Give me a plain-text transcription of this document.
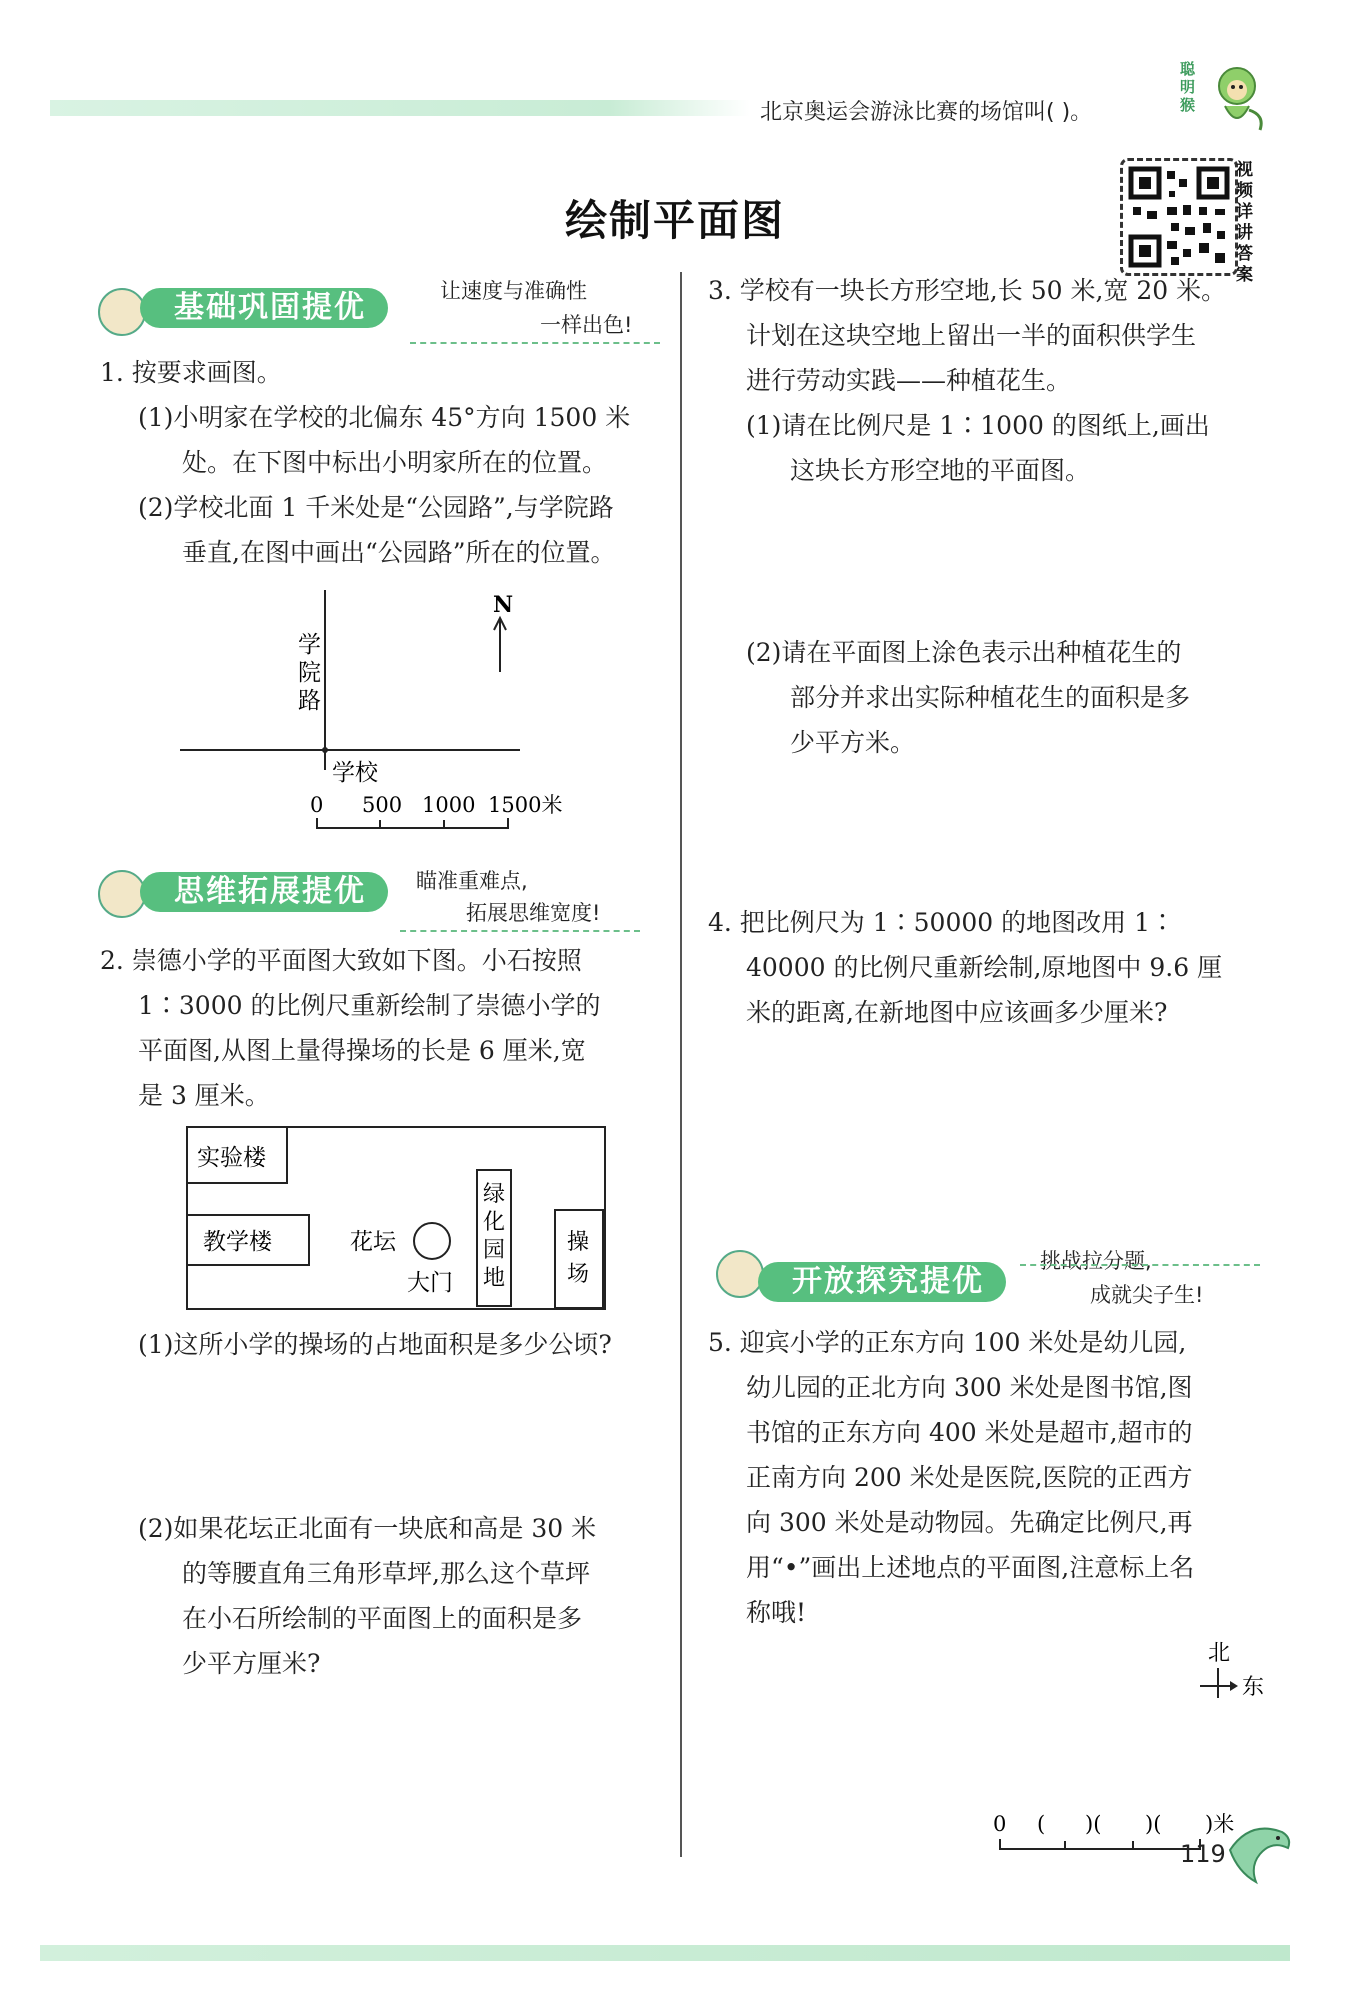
北京奥运会游泳比赛的场馆叫( )。
聪明猴
绘制平面图
视频详讲答案
基础巩固提优	让速度与准确性
一样出色!

1. 按要求画图。

(1)小明家在学校的北偏东 45°方向 1500 米

处。在下图中标出小明家所在的位置。

(2)学校北面 1 千米处是“公园路”,与学院路

垂直,在图中画出“公园路”所在的位置。

学
院
路
N
学校
0 500 1000 1500米
思维拓展提优	瞄准重难点,
拓展思维宽度!

2. 崇德小学的平面图大致如下图。小石按照

1∶3000 的比例尺重新绘制了崇德小学的

平面图,从图上量得操场的长是 6 厘米,宽

是 3 厘米。

实验楼
教学楼	花坛
大门
绿
化
园
地
操
场

(1)这所小学的操场的占地面积是多少公顷?

(2)如果花坛正北面有一块底和高是 30 米

的等腰直角三角形草坪,那么这个草坪

在小石所绘制的平面图上的面积是多

少平方厘米?

3. 学校有一块长方形空地,长 50 米,宽 20 米。

计划在这块空地上留出一半的面积供学生

进行劳动实践——种植花生。

(1)请在比例尺是 1∶1000 的图纸上,画出

这块长方形空地的平面图。

(2)请在平面图上涂色表示出种植花生的

部分并求出实际种植花生的面积是多

少平方米。

4. 把比例尺为 1∶50000 的地图改用 1∶

40000 的比例尺重新绘制,原地图中 9.6 厘

米的距离,在新地图中应该画多少厘米?

开放探究提优
挑战拉分题,
成就尖子生!

5. 迎宾小学的正东方向 100 米处是幼儿园,

幼儿园的正北方向 300 米处是图书馆,图

书馆的正东方向 400 米处是超市,超市的

正南方向 200 米处是医院,医院的正西方

向 300 米处是动物园。先确定比例尺,再

用“•”画出上述地点的平面图,注意标上名

称哦!

北
东
0 ( )( )( )米
119
